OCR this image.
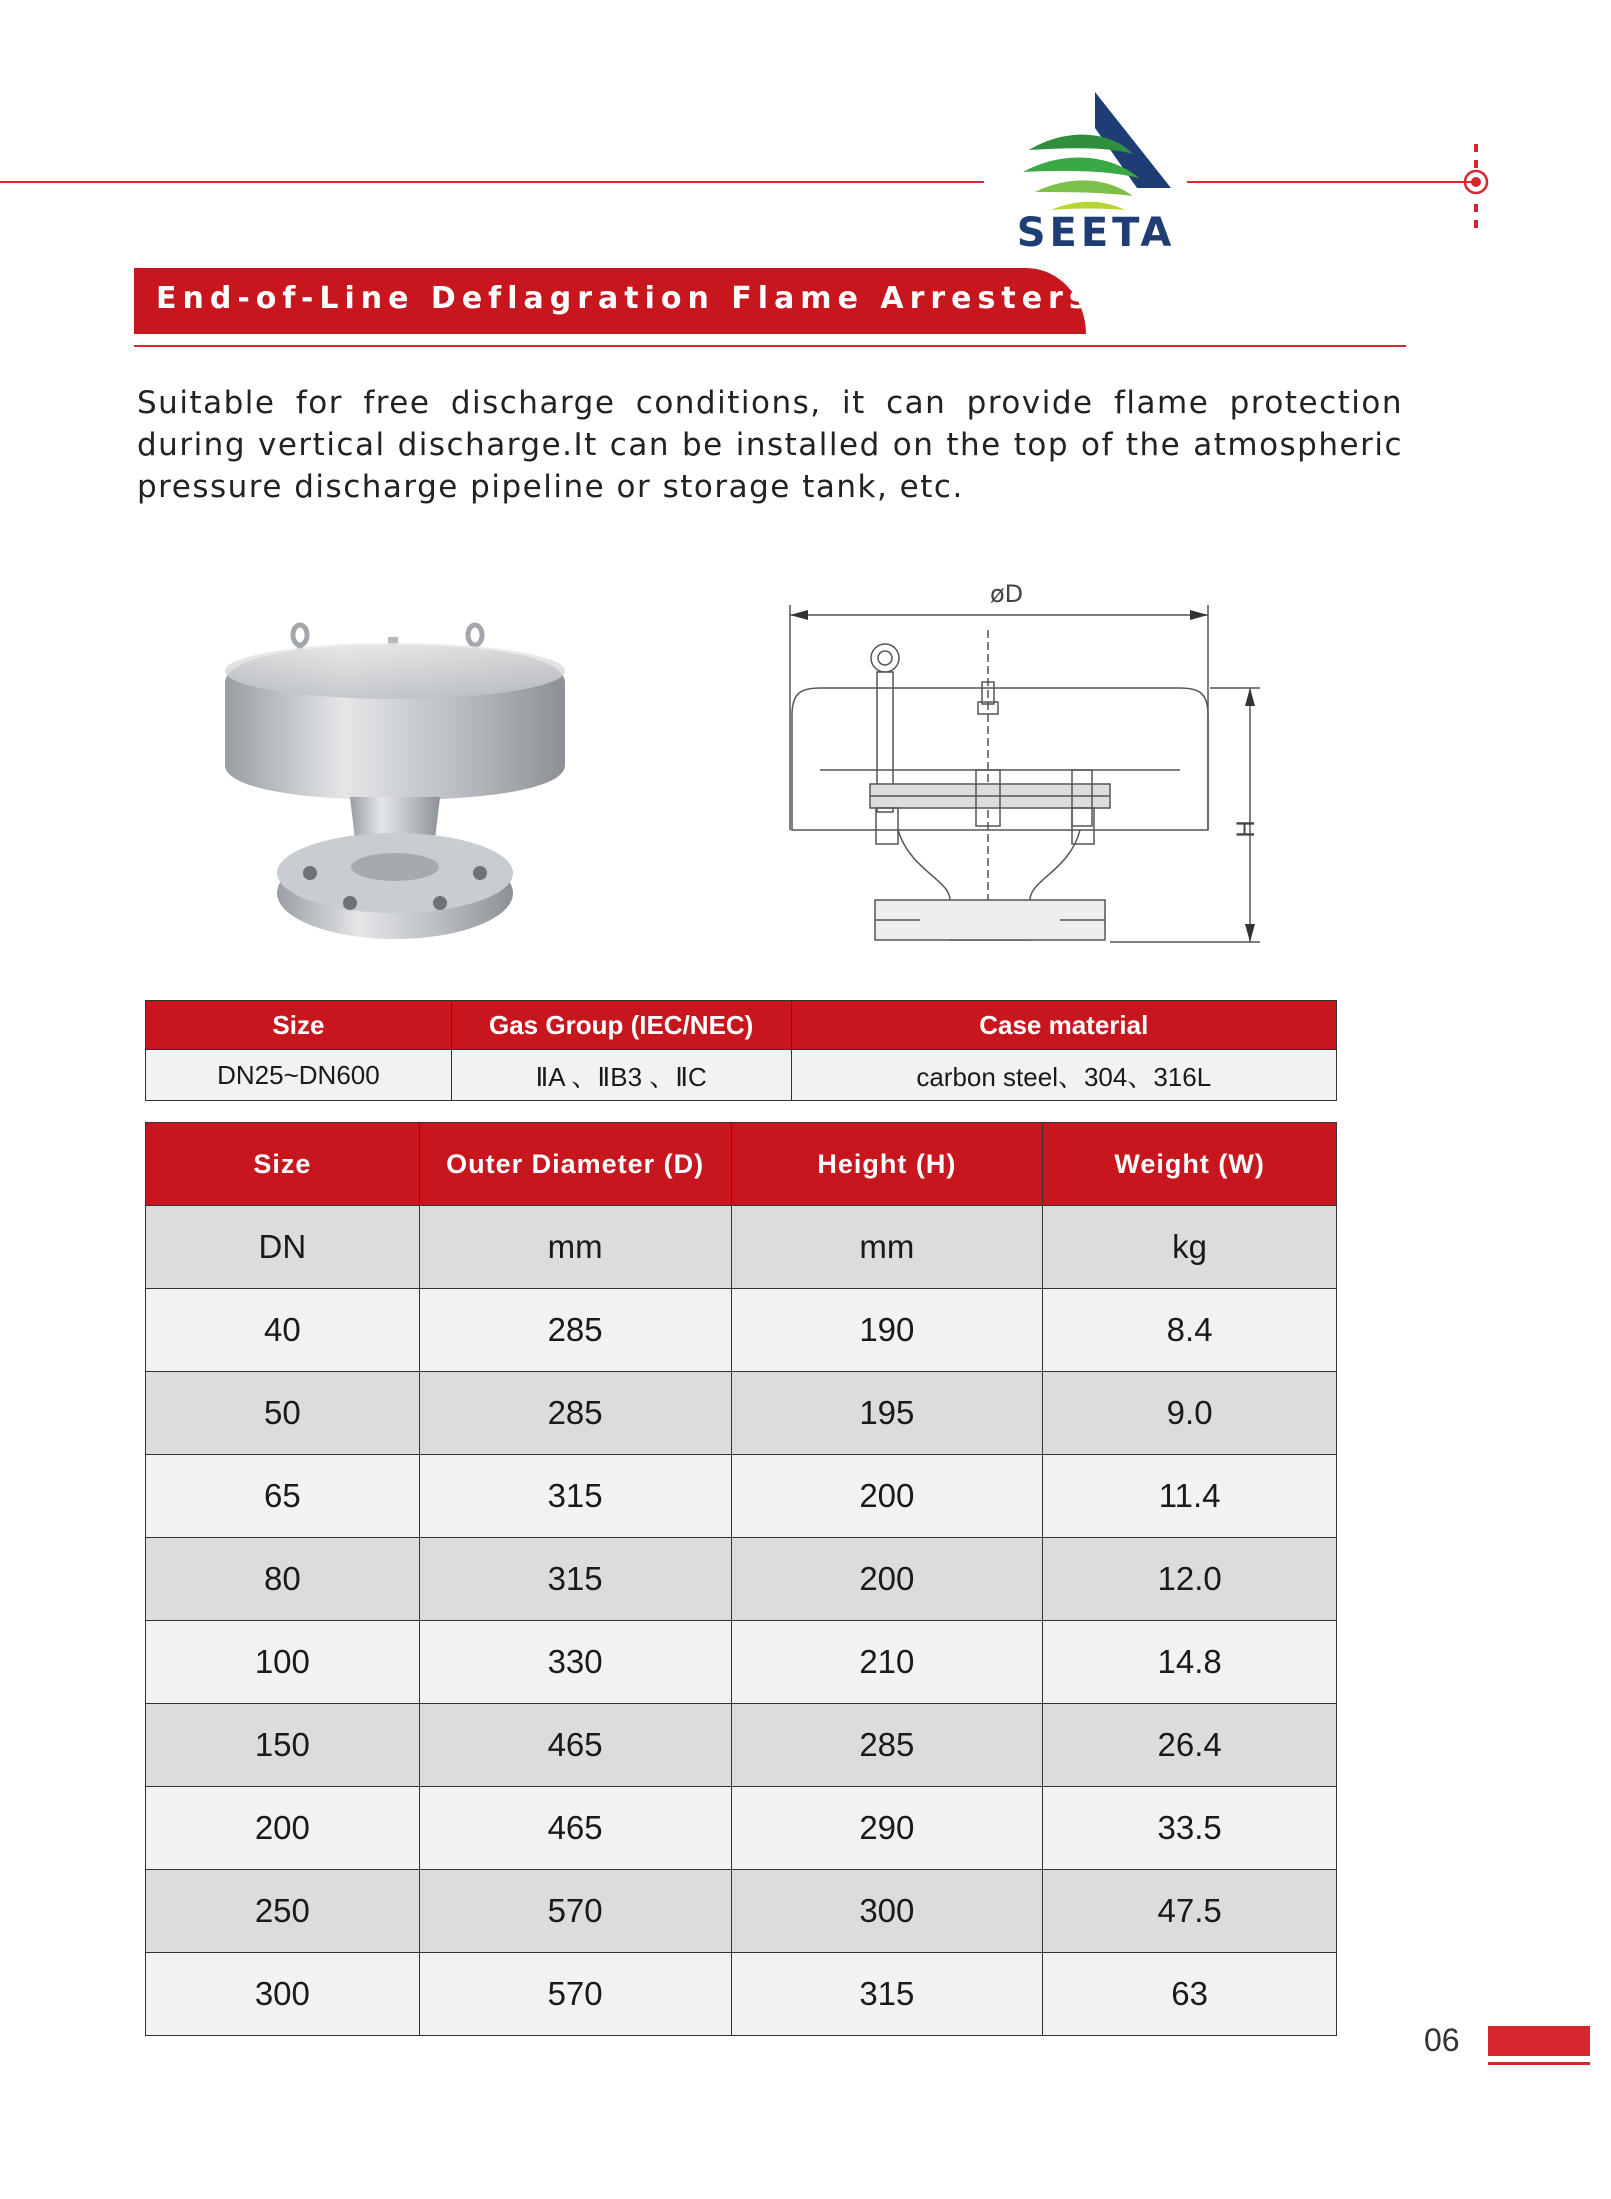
SEETA
End-of-Line Deflagration Flame Arresters
Suitable for free discharge conditions, it can provide flame protection during vertical discharge.It can be installed on the top of the atmospheric pressure discharge pipeline or storage tank, etc.
øD
H
Size	Gas Group (IEC/NEC)	Case material
DN25~DN600	ⅡA 、ⅡB3 、ⅡC	carbon steel、304、316L
Size	Outer Diameter (D)	Height (H)	Weight (W)
DN	mm	mm	kg
40	285	190	8.4
50	285	195	9.0
65	315	200	11.4
80	315	200	12.0
100	330	210	14.8
150	465	285	26.4
200	465	290	33.5
250	570	300	47.5
300	570	315	63
06
